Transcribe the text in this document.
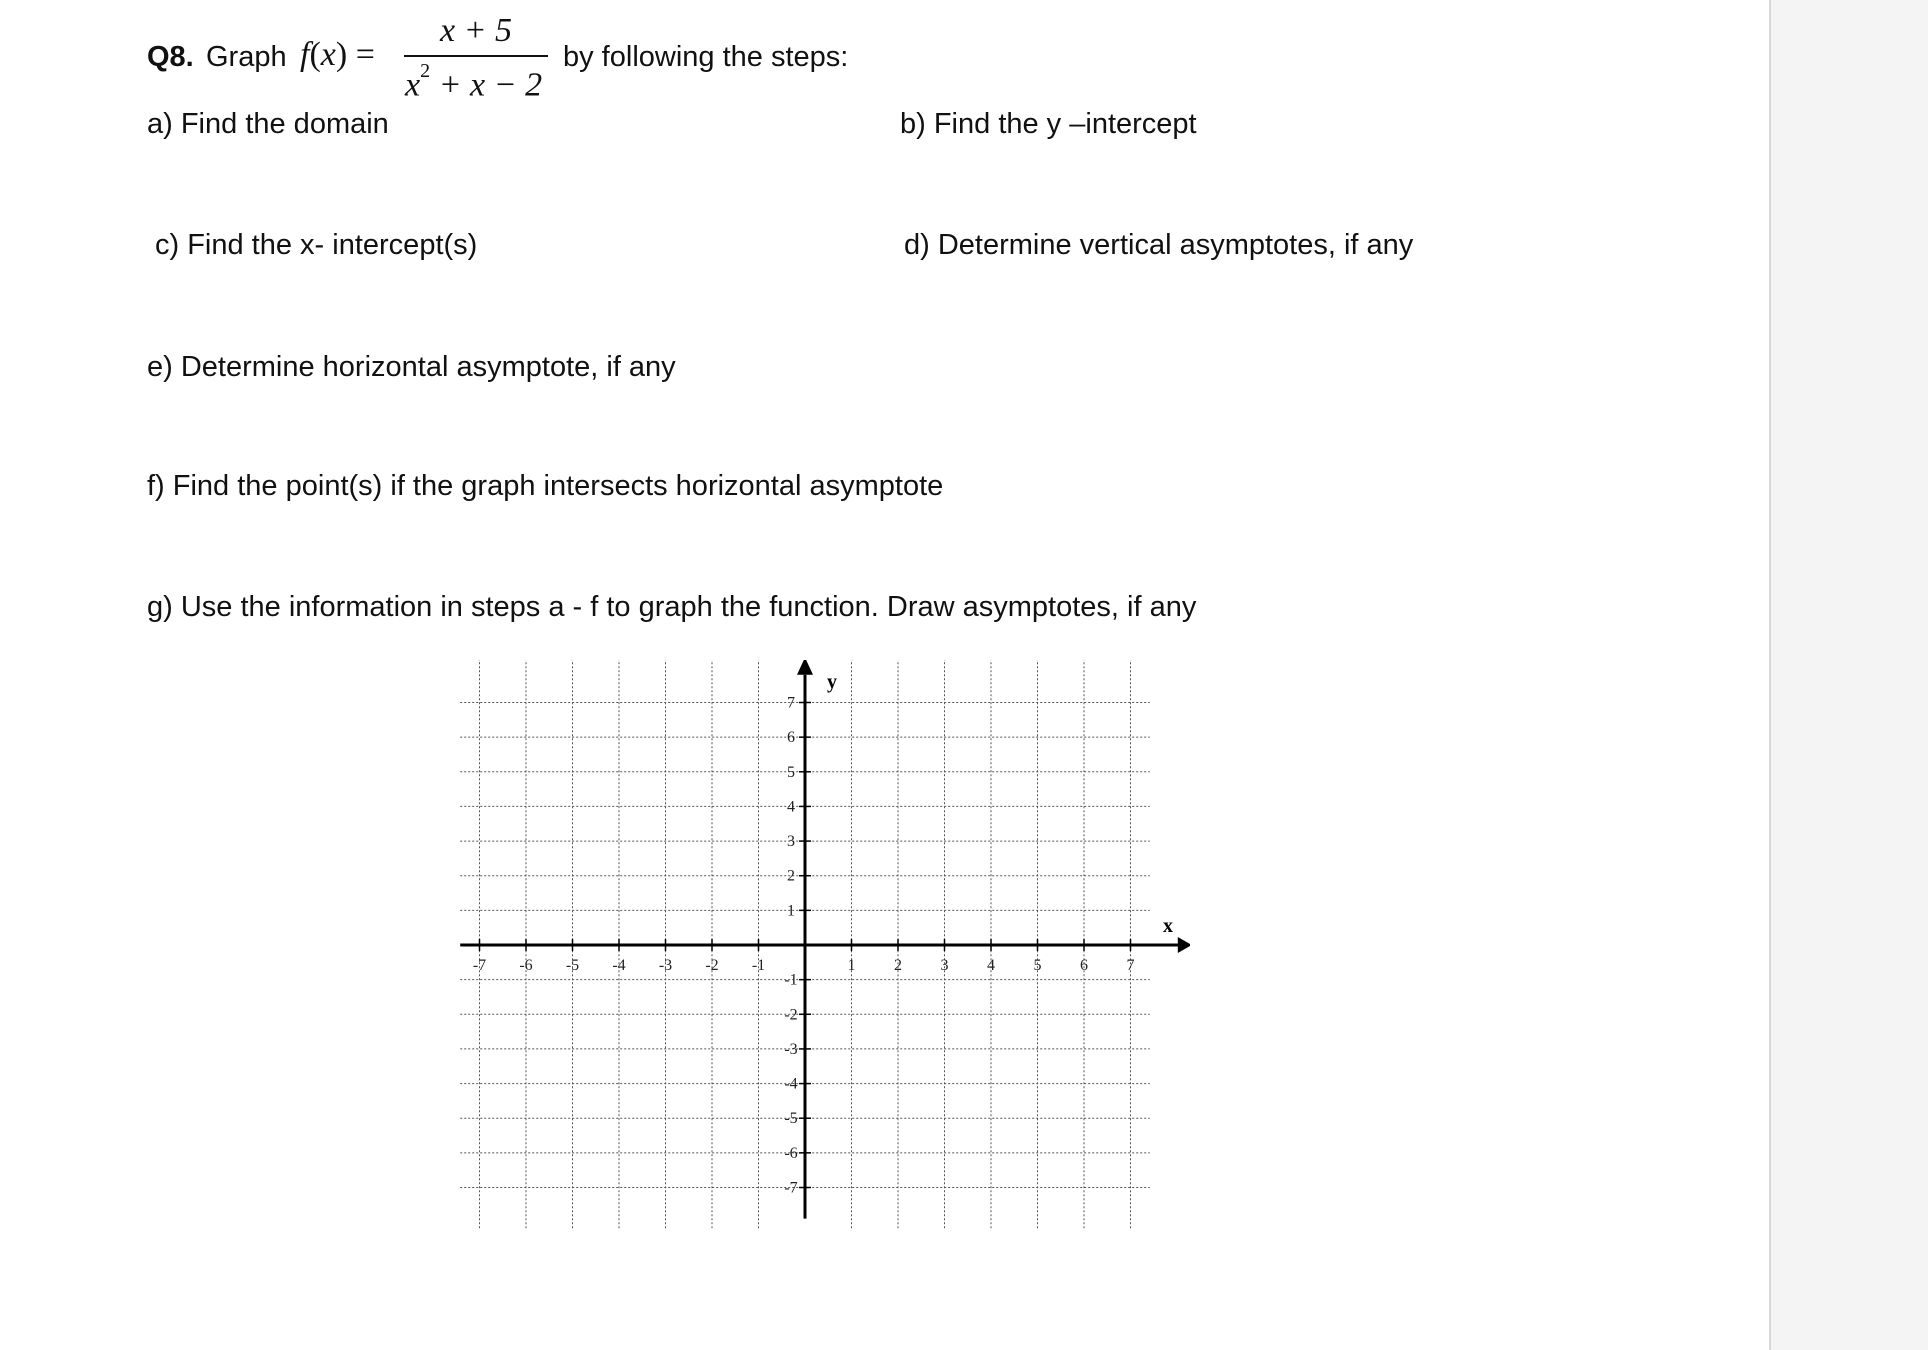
Q8. Graph f(x) =
x + 5
$x^2 + x - 2$
by following the steps:
a) Find the domain	b) Find the y –intercept
c) Find the x- intercept(s)	d) Determine vertical asymptotes, if any
e) Determine horizontal asymptote, if any
f) Find the point(s) if the graph intersects horizontal asymptote
g) Use the information in steps a - f to graph the function. Draw asymptotes, if any
-7 -6 -5 -4 -3 -2 -1	1 2 3 4 5 6 7
-7
-6
-5
-4
-3
-2
-1
1
2
3
4
5
6
7
x
y
